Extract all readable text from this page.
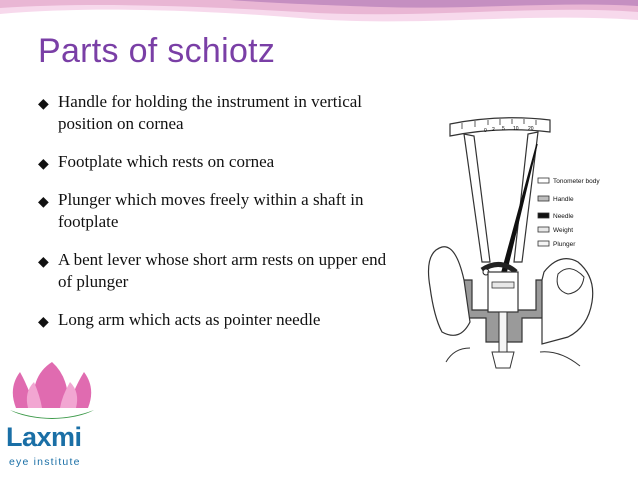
Parts of schiotz
◆ Handle for holding the instrument in vertical position on cornea
◆ Footplate which rests on cornea
◆ Plunger which moves freely within a shaft in footplate
◆ A bent lever whose short arm rests on upper end of plunger
◆ Long arm which acts as pointer needle
0 2 5 10 20
Tonometer body
Handle
Needle
Weight
Plunger
Laxmi
eye institute
